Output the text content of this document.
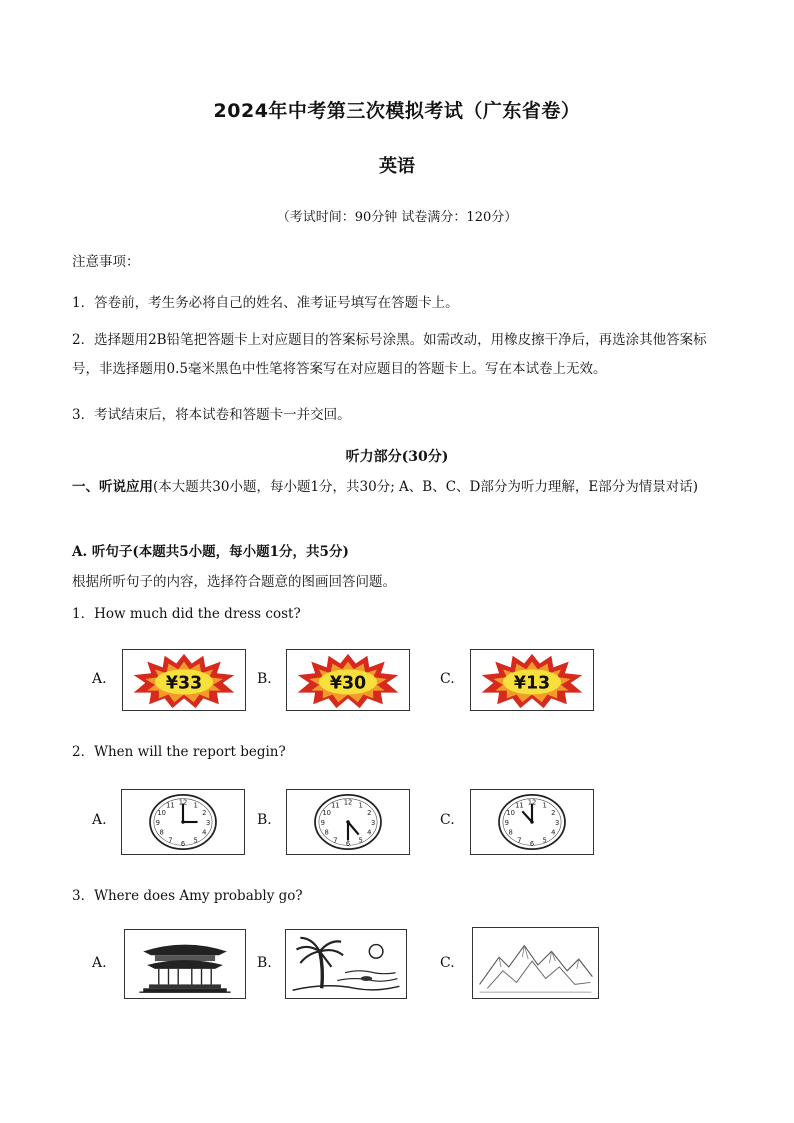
2024年中考第三次模拟考试（广东省卷）
英语
（考试时间：90分钟 试卷满分：120分）
注意事项：
1．答卷前，考生务必将自己的姓名、准考证号填写在答题卡上。
2．选择题用2B铅笔把答题卡上对应题目的答案标号涂黑。如需改动，用橡皮擦干净后，再选涂其他答案标号，非选择题用0.5毫米黑色中性笔将答案写在对应题目的答题卡上。写在本试卷上无效。
3．考试结束后，将本试卷和答题卡一并交回。
听力部分(30分)
一、听说应用(本大题共30小题，每小题1分，共30分; A、B、C、D部分为听力理解，E部分为情景对话)
A. 听句子(本题共5小题，每小题1分，共5分)
根据所听句子的内容，选择符合题意的图画回答问题。
1．How much did the dress cost?
A.	¥33	B.	¥30	C.	¥13
2．When will the report begin?
A.
12
3
6
9
1
2
4
5
7
8
10
11
B.
12
3
6
9
1
2
4
5
7
8
10
11
C.
12
3
6
9
1
2
4
5
7
8
10
11
3．Where does Amy probably go?
A.	B.	C.
